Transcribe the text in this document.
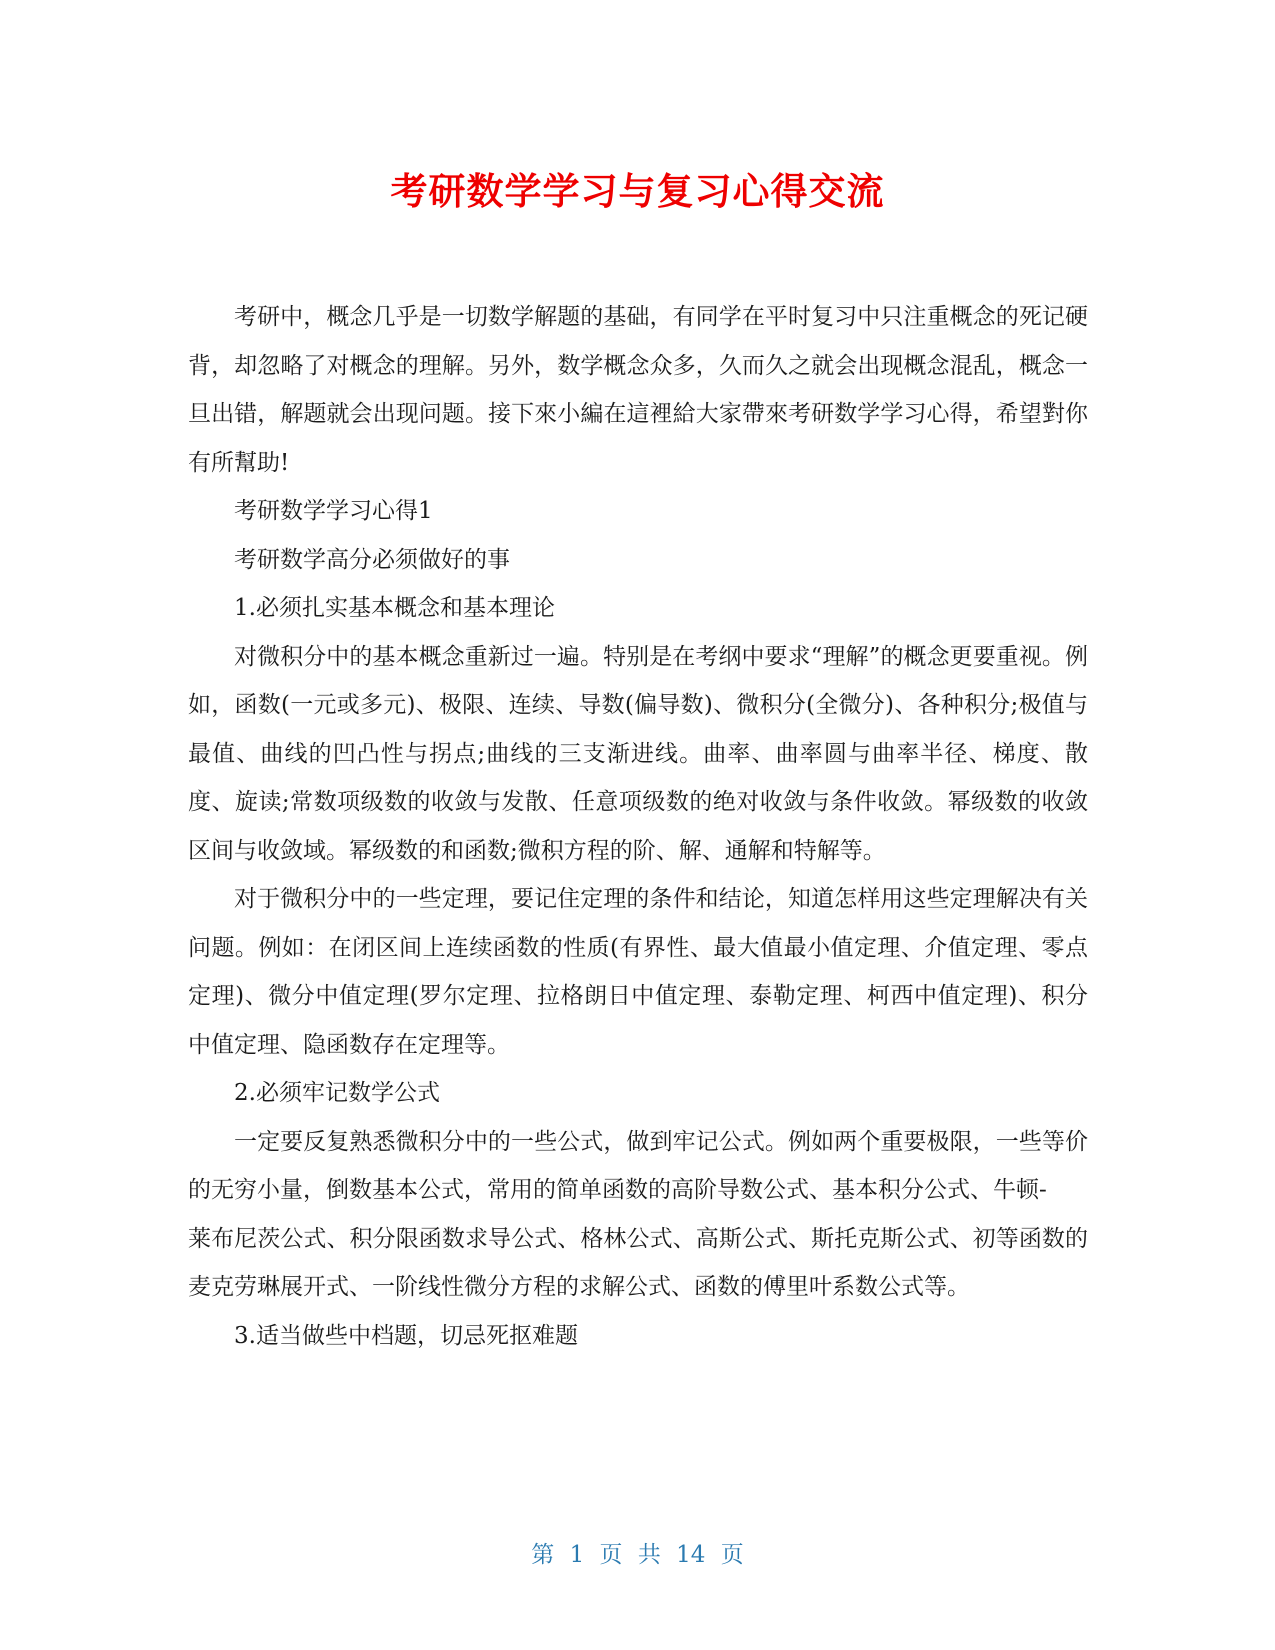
考研数学学习与复习心得交流

考研中，概念几乎是一切数学解题的基础，有同学在平时复习中只注重概念的死记硬背，却忽略了对概念的理解。另外，数学概念众多，久而久之就会出现概念混乱，概念一旦出错，解题就会出现问题。接下來小編在這裡給大家帶來考研数学学习心得，希望對你有所幫助!

考研数学学习心得1

考研数学高分必须做好的事

1.必须扎实基本概念和基本理论

对微积分中的基本概念重新过一遍。特别是在考纲中要求“理解”的概念更要重视。例如，函数(一元或多元)、极限、连续、导数(偏导数)、微积分(全微分)、各种积分;极值与最值、曲线的凹凸性与拐点;曲线的三支渐进线。曲率、曲率圆与曲率半径、梯度、散度、旋读;常数项级数的收敛与发散、任意项级数的绝对收敛与条件收敛。幂级数的收敛区间与收敛域。幂级数的和函数;微积方程的阶、解、通解和特解等。

对于微积分中的一些定理，要记住定理的条件和结论，知道怎样用这些定理解决有关问题。例如：在闭区间上连续函数的性质(有界性、最大值最小值定理、介值定理、零点定理)、微分中值定理(罗尔定理、拉格朗日中值定理、泰勒定理、柯西中值定理)、积分中值定理、隐函数存在定理等。

2.必须牢记数学公式

一定要反复熟悉微积分中的一些公式，做到牢记公式。例如两个重要极限，一些等价的无穷小量，倒数基本公式，常用的简单函数的高阶导数公式、基本积分公式、牛顿-

莱布尼茨公式、积分限函数求导公式、格林公式、高斯公式、斯托克斯公式、初等函数的麦克劳琳展开式、一阶线性微分方程的求解公式、函数的傅里叶系数公式等。

3.适当做些中档题，切忌死抠难题

第 1 页 共 14 页
